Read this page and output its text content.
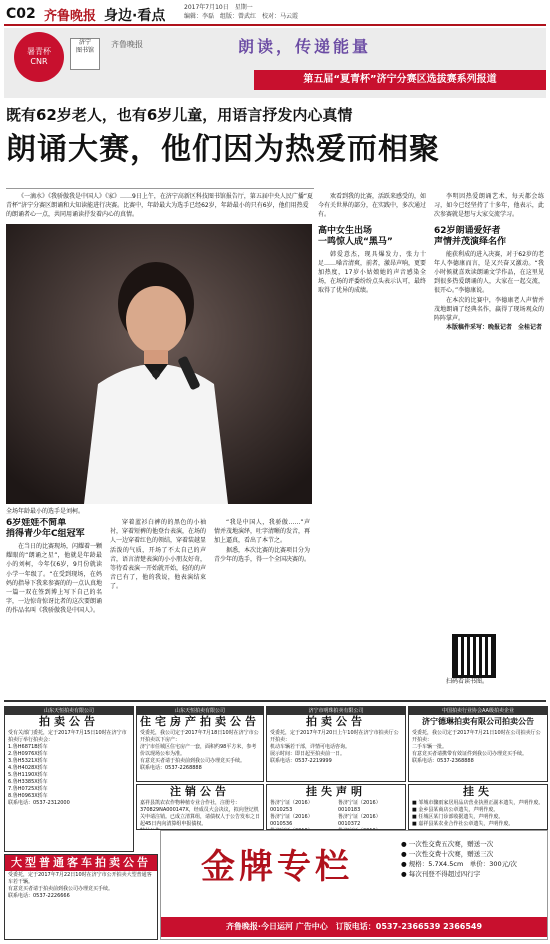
C02 齐鲁晚报 身边·看点
2017年7月10日　星期一
编辑：李磊　组版：曾武红　校对：马云霞
暑青杯
CNR
济宁
图书馆
齐鲁晚报	朗读，传递能量
第五届“夏青杯”济宁分赛区选拔赛系列报道
既有62岁老人，也有6岁儿童，用语言抒发内心真情
朗诵大赛，他们因为热爱而相聚
《一滴水》《我骄傲我是中国人》《家》……9日上午，在济宁高新区科技图书馆报告厅，第五届中央人民广播“夏青杯”济宁分赛区朗诵和大知读能进行决赛。比赛中，年龄最大为选手已经62岁，年龄最小的只有6岁，他们用热爱的朗诵者心一点，共同用诵读抒发着内心的真情。
全场年龄最小的选手是刘柯。
6岁娃娃不简单
捎得青少年C组冠军

在当日的比赛现场，闪耀着一颗耀眼的“朗诵之星”，他就是年龄最小的刘柯，今年仅6岁，9月份就读小学一年级了。“在受到现场，在妈妈的指导下我来参赛的的一点认真地一篇一双在签到博上写下自己的名字，一边惊奇惊讶比者的这次要朗诵的作品名叫《我骄傲我是中国人》。

穿着蓝衫白裤的的黑色的小袖衬，穿着短裤的他登台表演，在场的人一边穿着红色的领结，穿着装越显活泼的气质，开场了不太自己的声音，语言清楚表演的小小朋友好奇，等待看表演一开始就开始，轻的的声音已有了，他的我说，他表演结束了。

“我是中国人，我骄傲……”声情并茂地演绎，吐字清晰的发音，再加上逼真，看出了本节之。

据悉，本次比赛的比赛项目分为青少年的选手，得一个全国决赛的。

欢看到我的比赛，活跃来感受的，如今有关世界的部分，在实践中，多次通过有。

高中女生出场
一鸣惊人成“黑马”

韩爱意杰，现具爆发力，张力十足……嗓音清爽，前者，激昂声响，更要加热度，17岁小姑娘她的声音感染全场，在场的评委纷纷点头表示认可，最终取得了优异的成绩。

李明因热爱朗诵艺术，每天都会练习，如今已经坚持了十多年，他表示，此次参赛就是想与大家交流学习。

62岁朗诵爱好者
声情并茂演绎名作

能获利成的进入决赛，对于62岁的老年人李德康而言，是又兴奋又激动。“我小时候就喜欢读朗诵文学作品，在这里见到很多热爱朗诵的人，大家在一起交流，很开心。”李德康说。

在本次的比赛中，李德康老人声情并茂地朗诵了经典名作，赢得了现场观众的阵阵掌声。

本版稿件采写：晚报记者　全桂记者

扫码看读书图。
山东天恒拍卖有限公司
拍卖公告
受有关部门委托，定于2017年7月15日10时在济宁市拍卖厅举行拍卖会：
1.鲁H6871B轿车
2.鲁H0976X轿车
3.鲁H5321X轿车
4.鲁H4028X轿车
5.鲁H1190X轿车
6.鲁H3385X轿车
7.鲁H0725X轿车
8.鲁H0963X轿车
联系电话：0537-2312000
山东天恒拍卖有限公司
住宅房产拍卖公告
受委托，我公司定于2017年7月18日10时在济宁市公开拍卖以下房产：
济宁市任城区住宅房产一套，面积约98平方米，参考价以现场公布为准。
有意竞买者请于拍卖前到我公司办理竞买手续。
联系电话：0537-2268888
济宁市明珠拍卖有限公司
拍卖公告
受委托，定于2017年7月20日上午10时在济宁市拍卖厅公开拍卖：
机动车辆若干部，详情可电话咨询。
展示时间：即日起至拍卖前一日。
联系电话：0537-2219999
中国拍卖行业协会AA级拍卖企业
济宁德琳拍卖有限公司拍卖公告
受委托，我公司定于2017年7月21日10时在公司拍卖厅公开拍卖：
二手车辆一批。
有意竞买者请携带有效证件到我公司办理竞买手续。
联系电话：0537-2368888
注销公告
嘉祥县凯农农作物种植专业合作社，注册号：370829NA000147X，经成员大会决议，拟向登记机关申请注销。已成立清算组，请债权人于公告发布之日起45日内向清算组申报债权。
挂失声明
鲁济宁证（2016）0010253
鲁济宁证（2016）0010536
鲁济宁证（2016）0010183
鲁济宁证（2016）0010372
挂失
■ 邹城市骤雨家居用品店营业执照正副本遗失，声明作废。
■ 金乡县某商店公章遗失，声明作废。
■ 任城区某门诊部收据遗失，声明作废。
■ 嘉祥县某农业合作社公章遗失，声明作废。
大型普通客车拍卖公告
受委托，定于2017年7月22日10时在济宁市公开拍卖大型普通客车若干辆。
有意竞买者请于拍卖前到我公司办理竞买手续。
联系电话：0537-2226666
金牌专栏
● 一次性交费五次赛，赠送一次
● 一次性交费十次赛，赠送三次
● 规格：5.7X4.5cm　单价：300元/次
● 每次刊登不得超过四行字
齐鲁晚报·今日运河 广告中心　订版电话：0537-2366539 2366549
